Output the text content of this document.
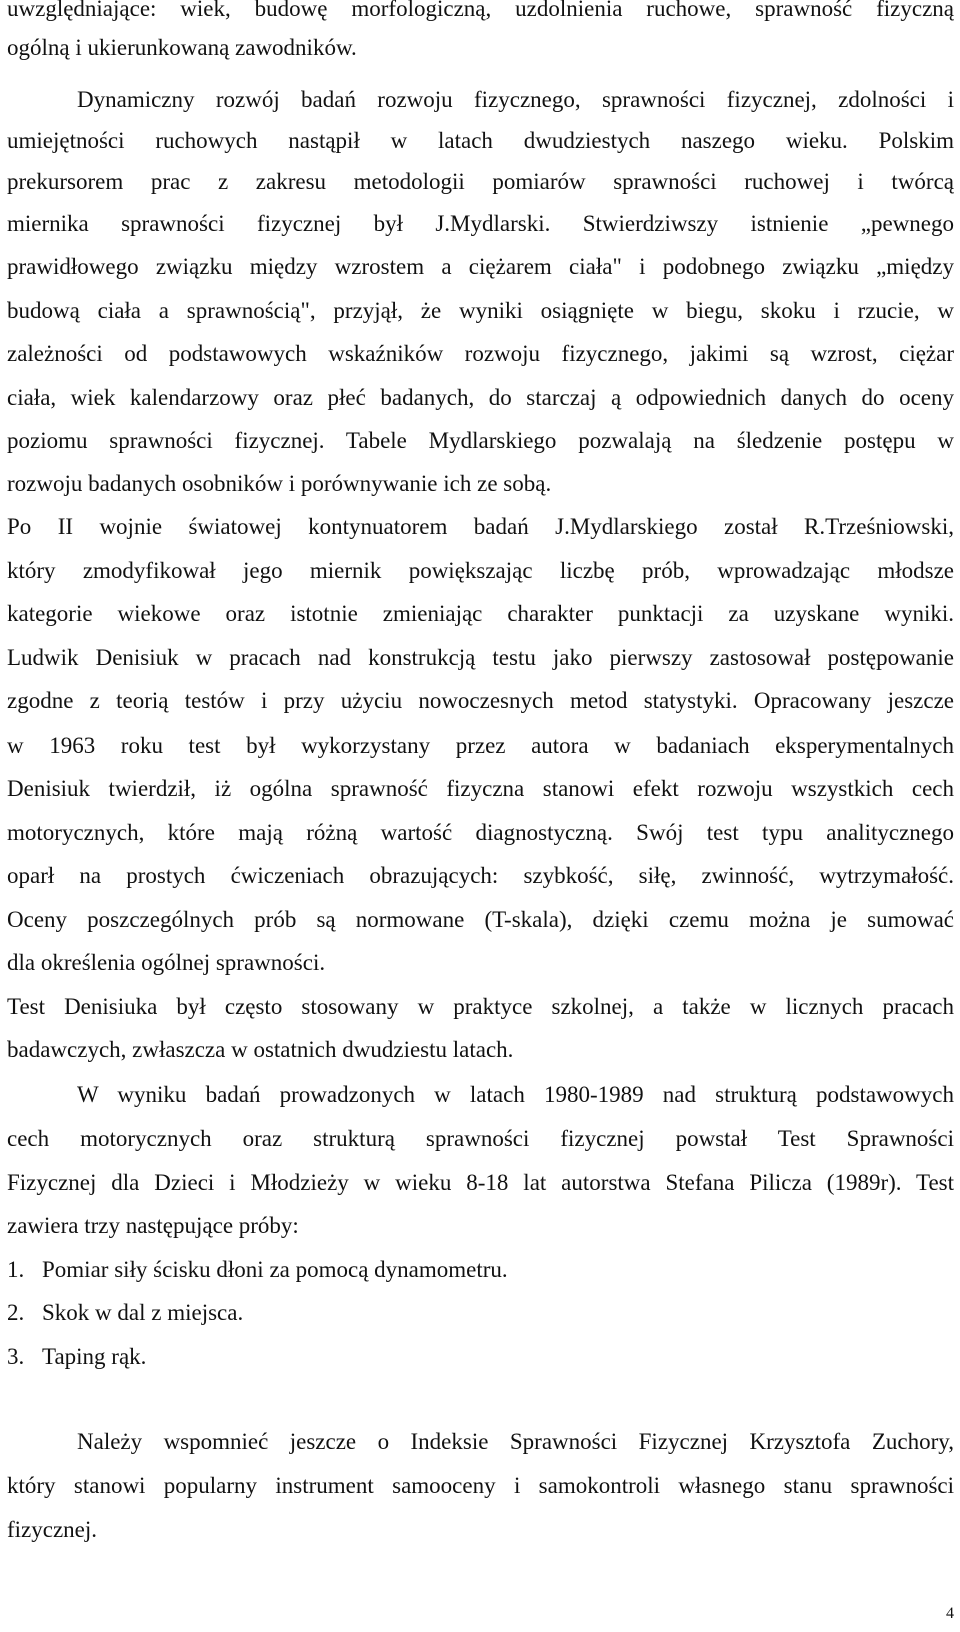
uwzględniające: wiek, budowę morfologiczną, uzdolnienia ruchowe, sprawność fizyczną
ogólną i ukierunkowaną zawodników.
Dynamiczny rozwój badań rozwoju fizycznego, sprawności fizycznej, zdolności i
umiejętności ruchowych nastąpił w latach dwudziestych naszego wieku. Polskim
prekursorem prac z zakresu metodologii pomiarów sprawności ruchowej i twórcą
miernika sprawności fizycznej był J.Mydlarski. Stwierdziwszy istnienie „pewnego
prawidłowego związku między wzrostem a ciężarem ciała" i podobnego związku „między
budową ciała a sprawnością", przyjął, że wyniki osiągnięte w biegu, skoku i rzucie, w
zależności od podstawowych wskaźników rozwoju fizycznego, jakimi są wzrost, ciężar
ciała, wiek kalendarzowy oraz płeć badanych, do starczaj ą odpowiednich danych do oceny
poziomu sprawności fizycznej. Tabele Mydlarskiego pozwalają na śledzenie postępu w
rozwoju badanych osobników i porównywanie ich ze sobą.
Po II wojnie światowej kontynuatorem badań J.Mydlarskiego został R.Trześniowski,
który zmodyfikował jego miernik powiększając liczbę prób, wprowadzając młodsze
kategorie wiekowe oraz istotnie zmieniając charakter punktacji za uzyskane wyniki.
Ludwik Denisiuk w pracach nad konstrukcją testu jako pierwszy zastosował postępowanie
zgodne z teorią testów i przy użyciu nowoczesnych metod statystyki. Opracowany jeszcze
w 1963 roku test był wykorzystany przez autora w badaniach eksperymentalnych
Denisiuk twierdził, iż ogólna sprawność fizyczna stanowi efekt rozwoju wszystkich cech
motorycznych, które mają różną wartość diagnostyczną. Swój test typu analitycznego
oparł na prostych ćwiczeniach obrazujących: szybkość, siłę, zwinność, wytrzymałość.
Oceny poszczególnych prób są normowane (T-skala), dzięki czemu można je sumować
dla określenia ogólnej sprawności.
Test Denisiuka był często stosowany w praktyce szkolnej, a także w licznych pracach
badawczych, zwłaszcza w ostatnich dwudziestu latach.
W wyniku badań prowadzonych w latach 1980-1989 nad strukturą podstawowych
cech motorycznych oraz strukturą sprawności fizycznej powstał Test Sprawności
Fizycznej dla Dzieci i Młodzieży w wieku 8-18 lat autorstwa Stefana Pilicza (1989r). Test
zawiera trzy następujące próby:
1. Pomiar siły ścisku dłoni za pomocą dynamometru.
2. Skok w dal z miejsca.
3. Taping rąk.
Należy wspomnieć jeszcze o Indeksie Sprawności Fizycznej Krzysztofa Zuchory,
który stanowi popularny instrument samooceny i samokontroli własnego stanu sprawności
fizycznej.
4
